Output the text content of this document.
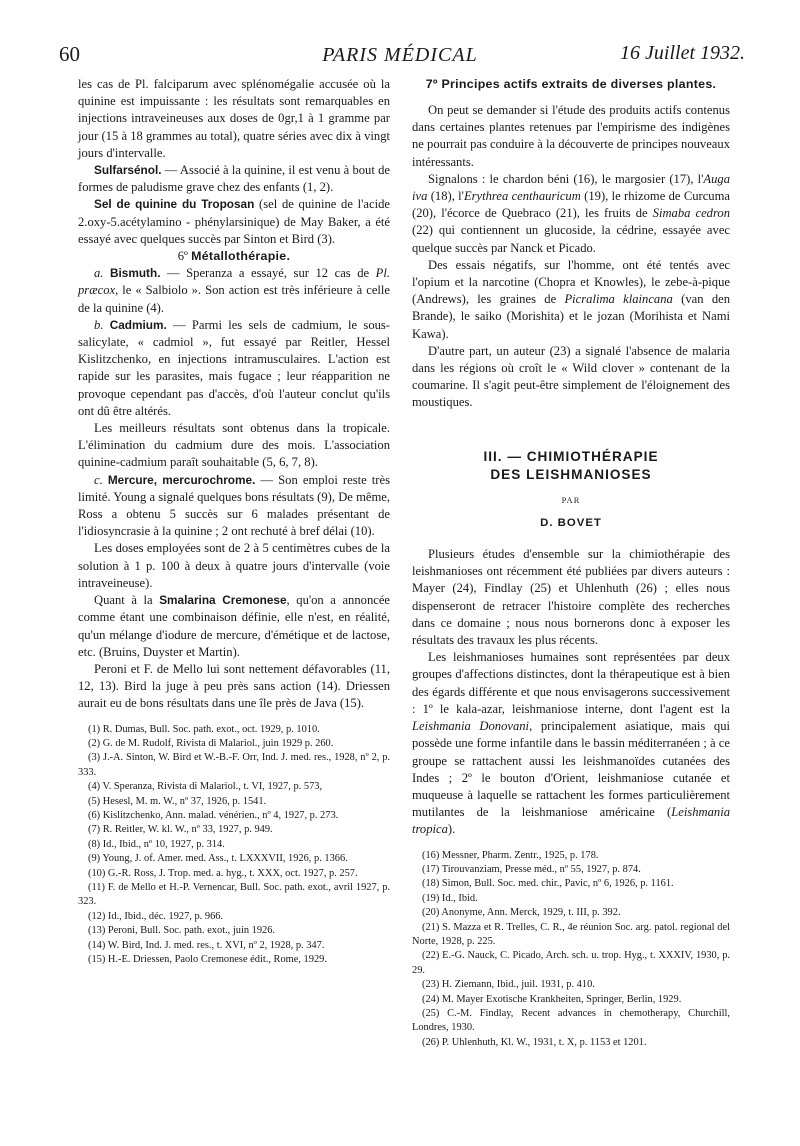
60	PARIS MÉDICAL	16 Juillet 1932.

les cas de Pl. falciparum avec splénomégalie accusée où la quinine est impuissante : les résultats sont remarquables en injections intraveineuses aux doses de 0gr,1 à 1 gramme par jour (15 à 18 grammes au total), quatre séries avec dix à vingt jours d'intervalle.

Sulfarsénol. — Associé à la quinine, il est venu à bout de formes de paludisme grave chez des enfants (1, 2).

Sel de quinine du Troposan (sel de quinine de l'acide 2.oxy-5.acétylamino - phénylarsinique) de May Baker, a été essayé avec quelques succès par Sinton et Bird (3).

6º Métallothérapie.

a. Bismuth. — Speranza a essayé, sur 12 cas de Pl. præcox, le « Salbiolo ». Son action est très inférieure à celle de la quinine (4).

b. Cadmium. — Parmi les sels de cadmium, le sous-salicylate, « cadmiol », fut essayé par Reitler, Hessel Kislitzchenko, en injections intramusculaires. L'action est rapide sur les parasites, mais fugace ; leur réapparition ne provoque cependant pas d'accès, d'où l'auteur conclut qu'ils ont dû être altérés.

Les meilleurs résultats sont obtenus dans la tropicale. L'élimination du cadmium dure des mois. L'association quinine-cadmium paraît souhaitable (5, 6, 7, 8).

c. Mercure, mercurochrome. — Son emploi reste très limité. Young a signalé quelques bons résultats (9), De même, Ross a obtenu 5 succès sur 6 malades présentant de l'idiosyncrasie à la quinine ; 2 ont rechuté à bref délai (10).

Les doses employées sont de 2 à 5 centimètres cubes de la solution à 1 p. 100 à deux à quatre jours d'intervalle (voie intraveineuse).

Quant à la Smalarina Cremonese, qu'on a annoncée comme étant une combinaison définie, elle n'est, en réalité, qu'un mélange d'iodure de mercure, d'émétique et de lactose, etc. (Bruins, Duyster et Martin).

Peroni et F. de Mello lui sont nettement défavorables (11, 12, 13). Bird la juge à peu près sans action (14). Driessen aurait eu de bons résultats dans une île près de Java (15).

(1) R. Dumas, Bull. Soc. path. exot., oct. 1929, p. 1010.

(2) G. de M. Rudolf, Rivista di Malariol., juin 1929 p. 260.

(3) J.-A. Sinton, W. Bird et W.-B.-F. Orr, Ind. J. med. res., 1928, nº 2, p. 333.

(4) V. Speranza, Rivista di Malariol., t. VI, 1927, p. 573,

(5) Hesesl, M. m. W., nº 37, 1926, p. 1541.

(6) Kislitzchenko, Ann. malad. vénérien., nº 4, 1927, p. 273.

(7) R. Reitler, W. kl. W., nº 33, 1927, p. 949.

(8) Id., Ibid., nº 10, 1927, p. 314.

(9) Young, J. of. Amer. med. Ass., t. LXXXVII, 1926, p. 1366.

(10) G.-R. Ross, J. Trop. med. a. hyg., t. XXX, oct. 1927, p. 257.

(11) F. de Mello et H.-P. Vernencar, Bull. Soc. path. exot., avril 1927, p. 323.

(12) Id., Ibid., déc. 1927, p. 966.

(13) Peroni, Bull. Soc. path. exot., juin 1926.

(14) W. Bird, Ind. J. med. res., t. XVI, nº 2, 1928, p. 347.

(15) H.-E. Driessen, Paolo Cremonese édit., Rome, 1929.

7º Principes actifs extraits de diverses plantes.

On peut se demander si l'étude des produits actifs contenus dans certaines plantes retenues par l'empirisme des indigènes ne pourrait pas conduire à la découverte de principes nouveaux intéressants.

Signalons : le chardon béni (16), le margosier (17), l'Auga iva (18), l'Erythrea centhauricum (19), le rhizome de Curcuma (20), l'écorce de Quebraco (21), les fruits de Simaba cedron (22) qui contiennent un glucoside, la cédrine, essayée avec quelque succès par Nanck et Picado.

Des essais négatifs, sur l'homme, ont été tentés avec l'opium et la narcotine (Chopra et Knowles), le zebe-à-pique (Andrews), les graines de Picralima klaincana (van den Brande), le saiko (Morishita) et le jozan (Morihista et Nami Kawa).

D'autre part, un auteur (23) a signalé l'absence de malaria dans les régions où croît le « Wild clover » contenant de la coumarine. Il s'agit peut-être simplement de l'éloignement des moustiques.

III. — CHIMIOTHÉRAPIE
DES LEISHMANIOSES
PAR
D. BOVET

Plusieurs études d'ensemble sur la chimiothérapie des leishmanioses ont récemment été publiées par divers auteurs : Mayer (24), Findlay (25) et Uhlenhuth (26) ; elles nous dispenseront de retracer l'histoire complète des recherches dans ce domaine ; nous nous bornerons donc à exposer les résultats des travaux les plus récents.

Les leishmanioses humaines sont représentées par deux groupes d'affections distinctes, dont la thérapeutique est à bien des égards différente et que nous envisagerons successivement : 1º le kala-azar, leishmaniose interne, dont l'agent est la Leishmania Donovani, principalement asiatique, mais qui possède une forme infantile dans le bassin méditerranéen ; à ce groupe se rattachent aussi les leishmanoïdes cutanées des Indes ; 2º le bouton d'Orient, leishmaniose cutanée et muqueuse à laquelle se rattachent les formes particulièrement mutilantes de la leishmaniose américaine (Leishmania tropica).

(16) Messner, Pharm. Zentr., 1925, p. 178.

(17) Tirouvanziam, Presse méd., nº 55, 1927, p. 874.

(18) Simon, Bull. Soc. med. chir., Pavic, nº 6, 1926, p. 1161.

(19) Id., Ibid.

(20) Anonyme, Ann. Merck, 1929, t. III, p. 392.

(21) S. Mazza et R. Trelles, C. R., 4e réunion Soc. arg. patol. regional del Norte, 1928, p. 225.

(22) E.-G. Nauck, C. Picado, Arch. sch. u. trop. Hyg., t. XXXIV, 1930, p. 29.

(23) H. Ziemann, Ibid., juil. 1931, p. 410.

(24) M. Mayer Exotische Krankheiten, Springer, Berlin, 1929.

(25) C.-M. Findlay, Recent advances in chemotherapy, Churchill, Londres, 1930.

(26) P. Uhlenhuth, Kl. W., 1931, t. X, p. 1153 et 1201.
